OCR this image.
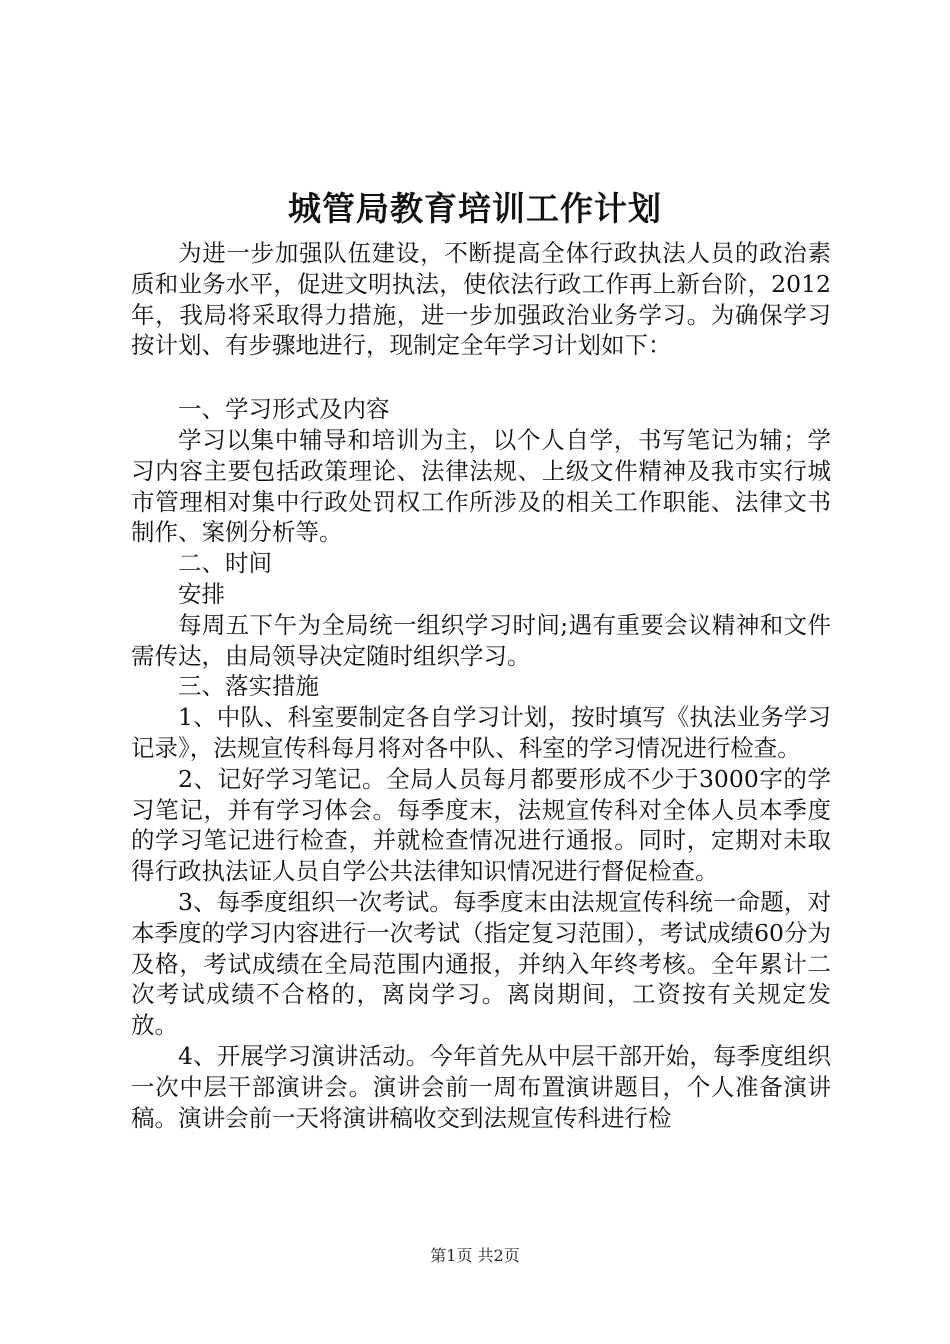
城管局教育培训工作计划

为进一步加强队伍建设，不断提高全体行政执法人员的政治素质和业务水平，促进文明执法，使依法行政工作再上新台阶，2012年，我局将采取得力措施，进一步加强政治业务学习。为确保学习按计划、有步骤地进行，现制定全年学习计划如下：

一、学习形式及内容

学习以集中辅导和培训为主，以个人自学，书写笔记为辅；学习内容主要包括政策理论、法律法规、上级文件精神及我市实行城市管理相对集中行政处罚权工作所涉及的相关工作职能、法律文书制作、案例分析等。

二、时间

安排

每周五下午为全局统一组织学习时间;遇有重要会议精神和文件需传达，由局领导决定随时组织学习。

三、落实措施

1、中队、科室要制定各自学习计划，按时填写《执法业务学习记录》，法规宣传科每月将对各中队、科室的学习情况进行检查。

2、记好学习笔记。全局人员每月都要形成不少于3000字的学习笔记，并有学习体会。每季度末，法规宣传科对全体人员本季度的学习笔记进行检查，并就检查情况进行通报。同时，定期对未取得行政执法证人员自学公共法律知识情况进行督促检查。

3、每季度组织一次考试。每季度末由法规宣传科统一命题，对本季度的学习内容进行一次考试（指定复习范围），考试成绩60分为及格，考试成绩在全局范围内通报，并纳入年终考核。全年累计二次考试成绩不合格的，离岗学习。离岗期间，工资按有关规定发放。

4、开展学习演讲活动。今年首先从中层干部开始，每季度组织一次中层干部演讲会。演讲会前一周布置演讲题目，个人准备演讲稿。演讲会前一天将演讲稿收交到法规宣传科进行检

第1页 共2页
